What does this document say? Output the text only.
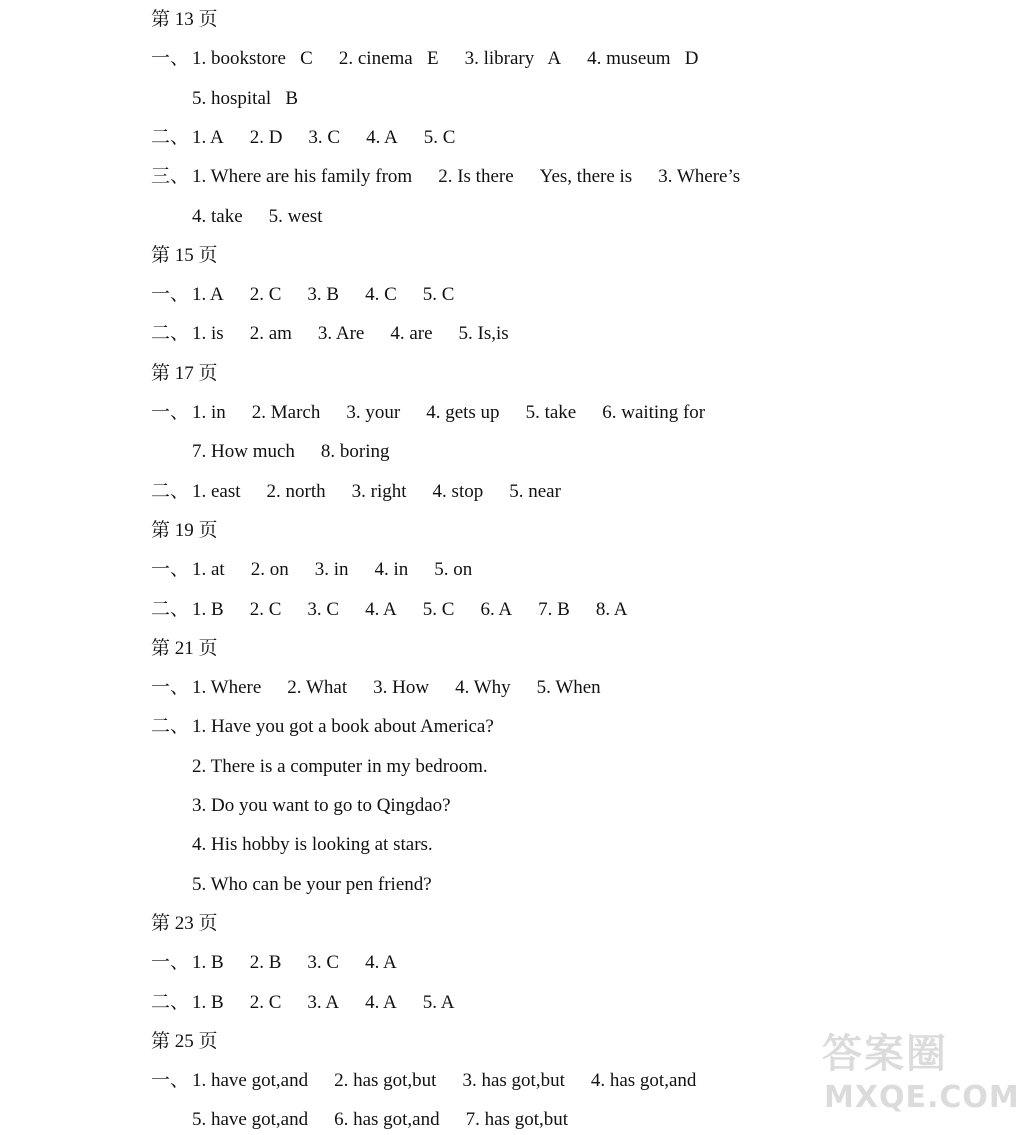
第 13 页
一、 1. bookstore   C 2. cinema   E 3. library   A 4. museum   D
5. hospital   B
二、 1. A 2. D 3. C 4. A 5. C
三、 1. Where are his family from 2. Is there Yes, there is 3. Where’s
4. take 5. west
第 15 页
一、 1. A 2. C 3. B 4. C 5. C
二、 1. is 2. am 3. Are 4. are 5. Is,is
第 17 页
一、 1. in 2. March 3. your 4. gets up 5. take 6. waiting for
7. How much 8. boring
二、 1. east 2. north 3. right 4. stop 5. near
第 19 页
一、 1. at 2. on 3. in 4. in 5. on
二、 1. B 2. C 3. C 4. A 5. C 6. A 7. B 8. A
第 21 页
一、 1. Where 2. What 3. How 4. Why 5. When
二、 1. Have you got a book about America?
2. There is a computer in my bedroom.
3. Do you want to go to Qingdao?
4. His hobby is looking at stars.
5. Who can be your pen friend?
第 23 页
一、 1. B 2. B 3. C 4. A
二、 1. B 2. C 3. A 4. A 5. A
第 25 页
一、 1. have got,and 2. has got,but 3. has got,but 4. has got,and
5. have got,and 6. has got,and 7. has got,but
答案圈
MXQE.COM
